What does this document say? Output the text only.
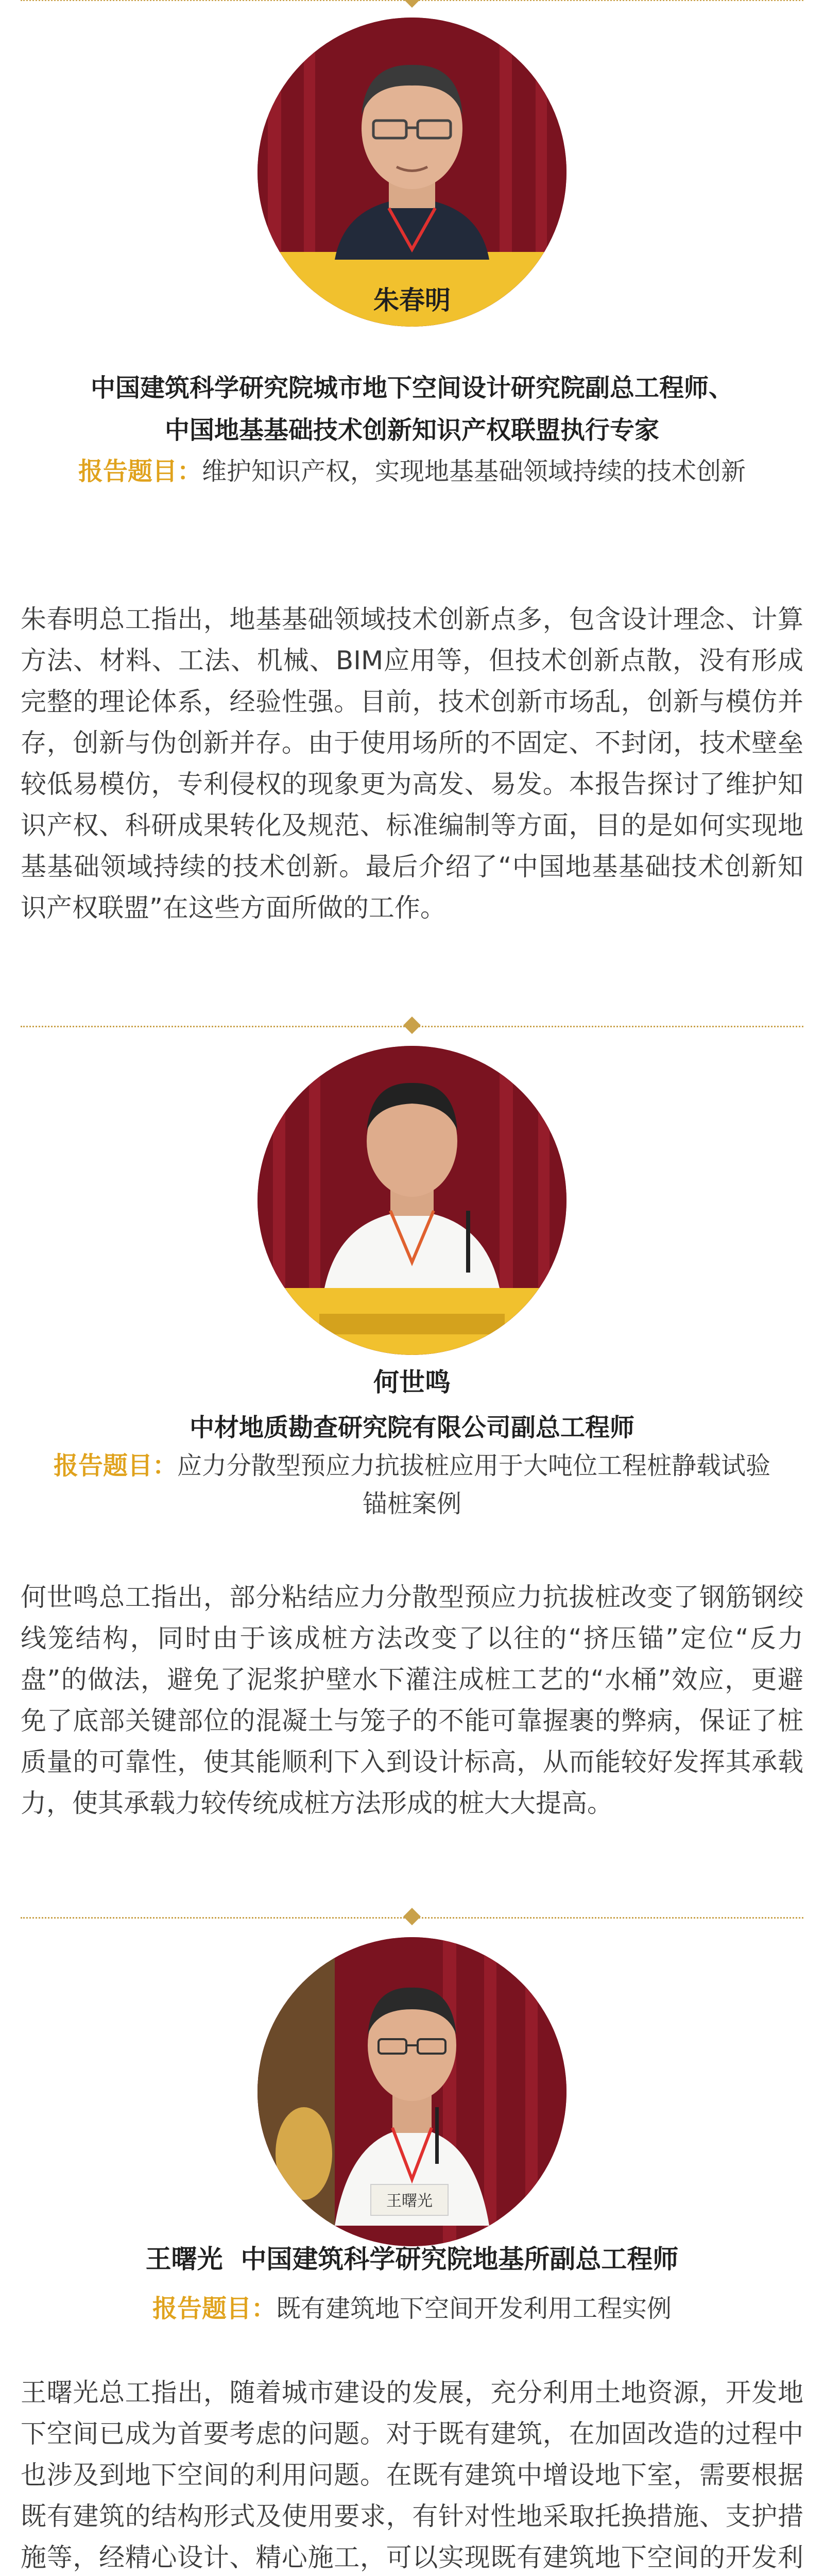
朱春明
中国建筑科学研究院城市地下空间设计研究院副总工程师、
中国地基基础技术创新知识产权联盟执行专家
报告题目：维护知识产权，实现地基基础领域持续的技术创新
朱春明总工指出，地基基础领域技术创新点多，包含设计理念、计算方法、材料、工法、机械、BIM应用等，但技术创新点散，没有形成完整的理论体系，经验性强。目前，技术创新市场乱，创新与模仿并存，创新与伪创新并存。由于使用场所的不固定、不封闭，技术壁垒较低易模仿，专利侵权的现象更为高发、易发。本报告探讨了维护知识产权、科研成果转化及规范、标准编制等方面，目的是如何实现地基基础领域持续的技术创新。最后介绍了“中国地基基础技术创新知识产权联盟”在这些方面所做的工作。
何世鸣
中材地质勘查研究院有限公司副总工程师
报告题目：应力分散型预应力抗拔桩应用于大吨位工程桩静载试验锚桩案例
何世鸣总工指出，部分粘结应力分散型预应力抗拔桩改变了钢筋钢绞线笼结构，同时由于该成桩方法改变了以往的“挤压锚”定位“反力盘”的做法，避免了泥浆护壁水下灌注成桩工艺的“水桶”效应，更避免了底部关键部位的混凝土与笼子的不能可靠握裹的弊病，保证了桩质量的可靠性，使其能顺利下入到设计标高，从而能较好发挥其承载力，使其承载力较传统成桩方法形成的桩大大提高。
王曙光
王曙光 中国建筑科学研究院地基所副总工程师
报告题目：既有建筑地下空间开发利用工程实例
王曙光总工指出，随着城市建设的发展，充分利用土地资源，开发地下空间已成为首要考虑的问题。对于既有建筑，在加固改造的过程中也涉及到地下空间的利用问题。在既有建筑中增设地下室，需要根据既有建筑的结构形式及使用要求，有针对性地采取托换措施、支护措施等，经精心设计、精心施工，可以实现既有建筑地下空间的开发利
